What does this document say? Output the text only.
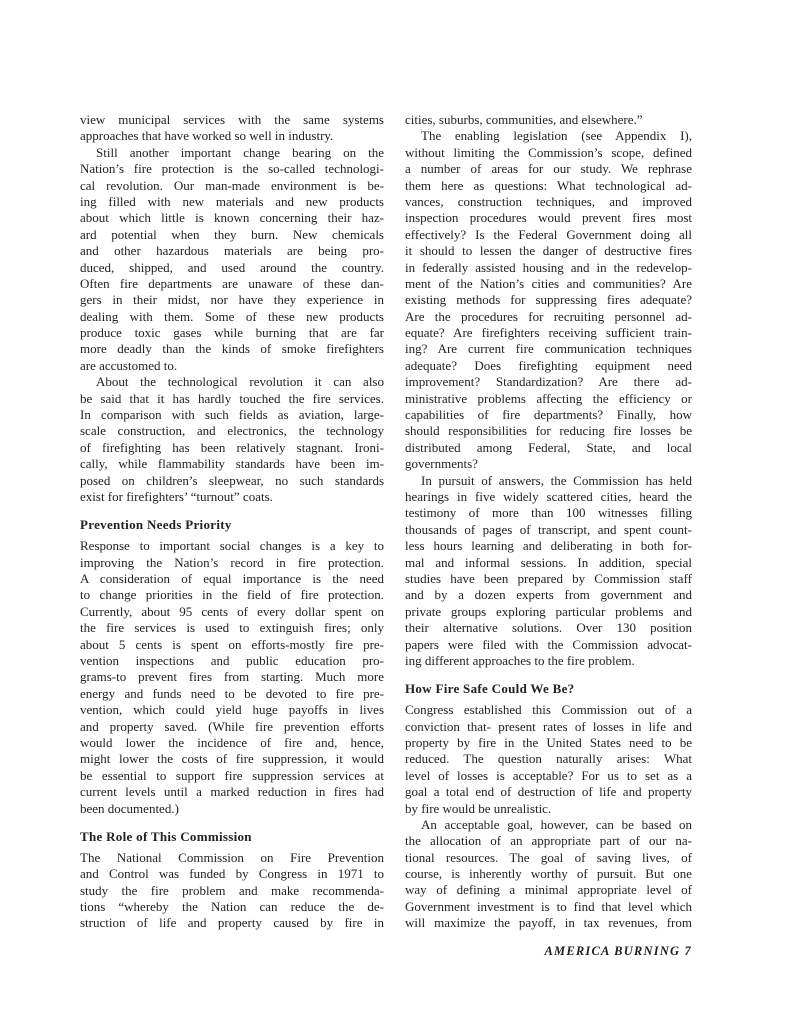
view municipal services with the same systems
approaches that have worked so well in industry.
Still another important change bearing on the
Nation’s fire protection is the so-called technologi-
cal revolution. Our man-made environment is be-
ing filled with new materials and new products
about which little is known concerning their haz-
ard potential when they burn. New chemicals
and other hazardous materials are being pro-
duced, shipped, and used around the country.
Often fire departments are unaware of these dan-
gers in their midst, nor have they experience in
dealing with them. Some of these new products
produce toxic gases while burning that are far
more deadly than the kinds of smoke firefighters
are accustomed to.
About the technological revolution it can also
be said that it has hardly touched the fire services.
In comparison with such fields as aviation, large-
scale construction, and electronics, the technology
of firefighting has been relatively stagnant. Ironi-
cally, while flammability standards have been im-
posed on children’s sleepwear, no such standards
exist for firefighters’ “turnout” coats.
Prevention Needs Priority
Response to important social changes is a key to
improving the Nation’s record in fire protection.
A consideration of equal importance is the need
to change priorities in the field of fire protection.
Currently, about 95 cents of every dollar spent on
the fire services is used to extinguish fires; only
about 5 cents is spent on efforts-mostly fire pre-
vention inspections and public education pro-
grams-to prevent fires from starting. Much more
energy and funds need to be devoted to fire pre-
vention, which could yield huge payoffs in lives
and property saved. (While fire prevention efforts
would lower the incidence of fire and, hence,
might lower the costs of fire suppression, it would
be essential to support fire suppression services at
current levels until a marked reduction in fires had
been documented.)
The Role of This Commission
The National Commission on Fire Prevention
and Control was funded by Congress in 1971 to
study the fire problem and make recommenda-
tions “whereby the Nation can reduce the de-
struction of life and property caused by fire in
cities, suburbs, communities, and elsewhere.”
The enabling legislation (see Appendix I),
without limiting the Commission’s scope, defined
a number of areas for our study. We rephrase
them here as questions: What technological ad-
vances, construction techniques, and improved
inspection procedures would prevent fires most
effectively? Is the Federal Government doing all
it should to lessen the danger of destructive fires
in federally assisted housing and in the redevelop-
ment of the Nation’s cities and communities? Are
existing methods for suppressing fires adequate?
Are the procedures for recruiting personnel ad-
equate? Are firefighters receiving sufficient train-
ing? Are current fire communication techniques
adequate? Does firefighting equipment need
improvement? Standardization? Are there ad-
ministrative problems affecting the efficiency or
capabilities of fire departments? Finally, how
should responsibilities for reducing fire losses be
distributed among Federal, State, and local
governments?
In pursuit of answers, the Commission has held
hearings in five widely scattered cities, heard the
testimony of more than 100 witnesses filling
thousands of pages of transcript, and spent count-
less hours learning and deliberating in both for-
mal and informal sessions. In addition, special
studies have been prepared by Commission staff
and by a dozen experts from government and
private groups exploring particular problems and
their alternative solutions. Over 130 position
papers were filed with the Commission advocat-
ing different approaches to the fire problem.
How Fire Safe Could We Be?
Congress established this Commission out of a
conviction that- present rates of losses in life and
property by fire in the United States need to be
reduced. The question naturally arises: What
level of losses is acceptable? For us to set as a
goal a total end of destruction of life and property
by fire would be unrealistic.
An acceptable goal, however, can be based on
the allocation of an appropriate part of our na-
tional resources. The goal of saving lives, of
course, is inherently worthy of pursuit. But one
way of defining a minimal appropriate level of
Government investment is to find that level which
will maximize the payoff, in tax revenues, from
AMERICA BURNING 7
